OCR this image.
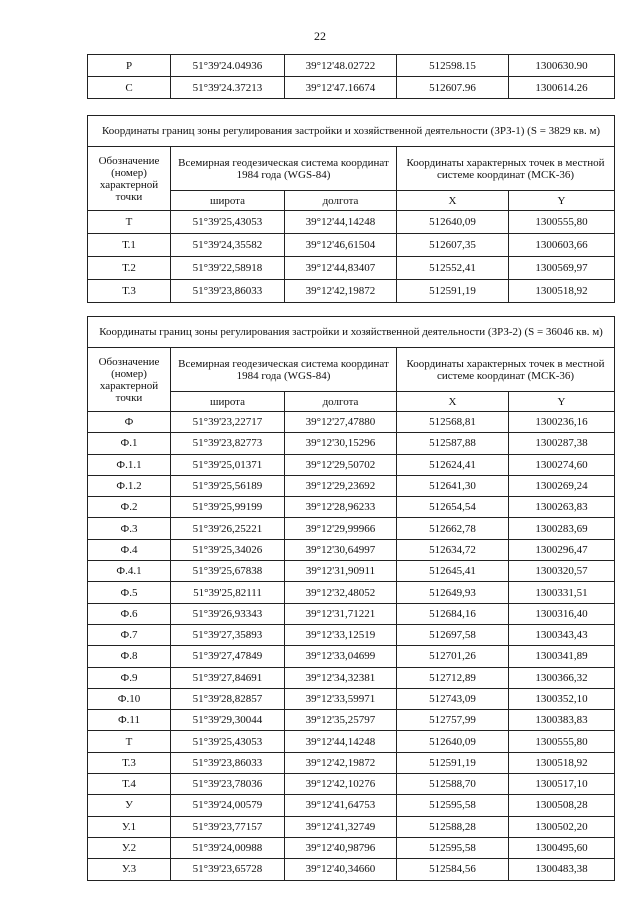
22
Р	51°39'24.04936	39°12'48.02722	512598.15	1300630.90
С	51°39'24.37213	39°12'47.16674	512607.96	1300614.26
Координаты границ зоны регулирования застройки и хозяйственной деятельности (ЗРЗ-1) (S = 3829 кв. м)				
Обозначение (номер) характерной точки	Всемирная геодезическая система координат 1984 года (WGS-84)		Координаты характерных точек в местной системе координат (МСК-36)	
	широта	долгота	X	Y
Т	51°39'25,43053	39°12'44,14248	512640,09	1300555,80
Т.1	51°39'24,35582	39°12'46,61504	512607,35	1300603,66
Т.2	51°39'22,58918	39°12'44,83407	512552,41	1300569,97
Т.3	51°39'23,86033	39°12'42,19872	512591,19	1300518,92
Координаты границ зоны регулирования застройки и хозяйственной деятельности (ЗРЗ-2) (S = 36046 кв. м)				
Обозначение (номер) характерной точки	Всемирная геодезическая система координат 1984 года (WGS-84)		Координаты характерных точек в местной системе координат (МСК-36)	
	широта	долгота	X	Y
Ф	51°39'23,22717	39°12'27,47880	512568,81	1300236,16
Ф.1	51°39'23,82773	39°12'30,15296	512587,88	1300287,38
Ф.1.1	51°39'25,01371	39°12'29,50702	512624,41	1300274,60
Ф.1.2	51°39'25,56189	39°12'29,23692	512641,30	1300269,24
Ф.2	51°39'25,99199	39°12'28,96233	512654,54	1300263,83
Ф.3	51°39'26,25221	39°12'29,99966	512662,78	1300283,69
Ф.4	51°39'25,34026	39°12'30,64997	512634,72	1300296,47
Ф.4.1	51°39'25,67838	39°12'31,90911	512645,41	1300320,57
Ф.5	51°39'25,82111	39°12'32,48052	512649,93	1300331,51
Ф.6	51°39'26,93343	39°12'31,71221	512684,16	1300316,40
Ф.7	51°39'27,35893	39°12'33,12519	512697,58	1300343,43
Ф.8	51°39'27,47849	39°12'33,04699	512701,26	1300341,89
Ф.9	51°39'27,84691	39°12'34,32381	512712,89	1300366,32
Ф.10	51°39'28,82857	39°12'33,59971	512743,09	1300352,10
Ф.11	51°39'29,30044	39°12'35,25797	512757,99	1300383,83
Т	51°39'25,43053	39°12'44,14248	512640,09	1300555,80
Т.3	51°39'23,86033	39°12'42,19872	512591,19	1300518,92
Т.4	51°39'23,78036	39°12'42,10276	512588,70	1300517,10
У	51°39'24,00579	39°12'41,64753	512595,58	1300508,28
У.1	51°39'23,77157	39°12'41,32749	512588,28	1300502,20
У.2	51°39'24,00988	39°12'40,98796	512595,58	1300495,60
У.3	51°39'23,65728	39°12'40,34660	512584,56	1300483,38
